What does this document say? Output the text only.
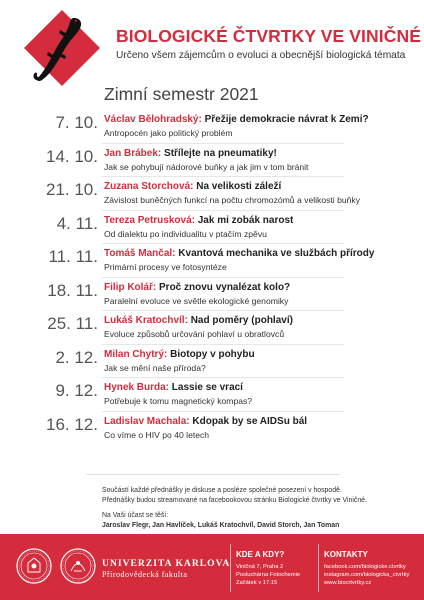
BIOLOGICKÉ ČTVRTKY VE VINIČNÉ
Určeno všem zájemcům o evoluci a obecnější biologická témata
Zimní semestr 2021
7. 10. Václav Bělohradský: Přežije demokracie návrat k Zemi?
Antropocén jako politický problém
14. 10. Jan Brábek: Střílejte na pneumatiky!
Jak se pohybují nádorové buňky a jak jim v tom bránit
21. 10. Zuzana Storchová: Na velikosti záleží
Závislost buněčných funkcí na počtu chromozómů a velikosti buňky
4. 11. Tereza Petrusková: Jak mi zobák narost
Od dialektu po individualitu v ptačím zpěvu
11. 11. Tomáš Mančal: Kvantová mechanika ve službách přírody
Primární procesy ve fotosyntéze
18. 11. Filip Kolář: Proč znovu vynalézat kolo?
Paralelní evoluce ve světle ekologické genomiky
25. 11. Lukáš Kratochvíl: Nad poměry (pohlaví)
Evoluce způsobů určování pohlaví u obratlovců
2. 12. Milan Chytrý: Biotopy v pohybu
Jak se mění naše příroda?
9. 12. Hynek Burda: Lassie se vrací
Potřebuje k tomu magnetický kompas?
16. 12. Ladislav Machala: Kdopak by se AIDSu bál
Co víme o HIV po 40 letech
Součástí každé přednášky je diskuse a posléze společné posezení v hospodě.
Přednášky budou streamované na facebookovou stránku Biologické čtvrtky ve Viničné.
Na Vaši účast se těší:
Jaroslav Flegr, Jan Havlíček, Lukáš Kratochvíl, David Storch, Jan Toman
UNIVERZITA KARLOVA
Přírodovědecká fakulta
KDE A KDY?
Viničná 7, Praha 2
Posluchárna Fotochemie
Začátek v 17:15
KONTAKTY
facebook.com/biologicke.ctvrtky
instagram.com/biologicka_ctvrtky
www.biocrtvrtky.cz
